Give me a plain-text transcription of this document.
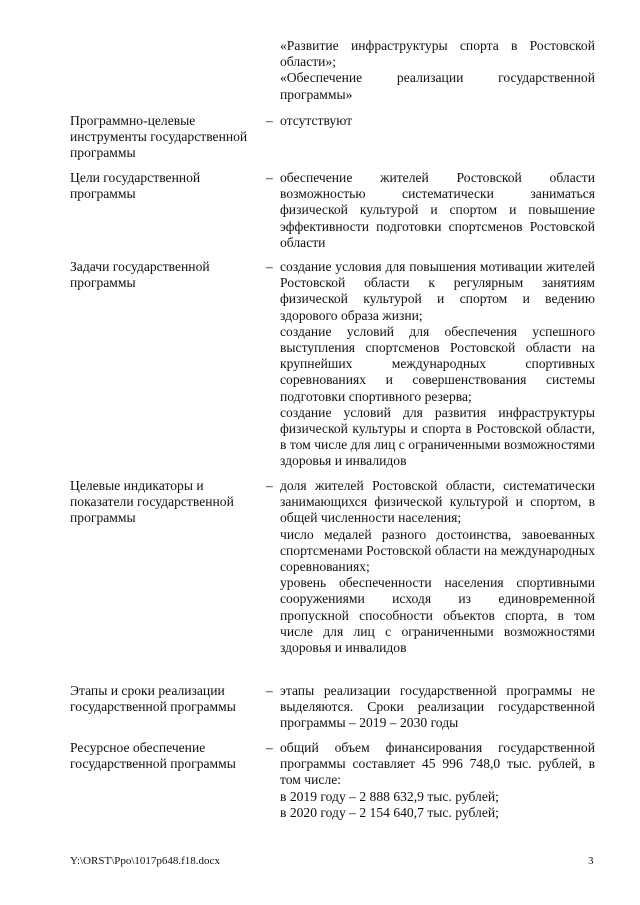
«Развитие инфраструктуры спорта в Ростовской области»;
«Обеспечение реализации государственной программы»
Программно-целевые инструменты государственной программы
– отсутствуют
Цели государственной программы
– обеспечение жителей Ростовской области возможностью систематически заниматься физической культурой и спортом и повышение эффективности подготовки спортсменов Ростовской области
Задачи государственной программы
– создание условия для повышения мотивации жителей Ростовской области к регулярным занятиям физической культурой и спортом и ведению здорового образа жизни;
создание условий для обеспечения успешного выступления спортсменов Ростовской области на крупнейших международных спортивных соревнованиях и совершенствования системы подготовки спортивного резерва;
создание условий для развития инфраструктуры физической культуры и спорта в Ростовской области, в том числе для лиц с ограниченными возможностями здоровья и инвалидов
Целевые индикаторы и показатели государственной программы
– доля жителей Ростовской области, систематически занимающихся физической культурой и спортом, в общей численности населения;
число медалей разного достоинства, завоеванных спортсменами Ростовской области на международных соревнованиях;
уровень обеспеченности населения спортивными сооружениями исходя из единовременной пропускной способности объектов спорта, в том числе для лиц с ограниченными возможностями здоровья и инвалидов
Этапы и сроки реализации государственной программы
– этапы реализации государственной программы не выделяются. Сроки реализации государственной программы – 2019 – 2030 годы
Ресурсное обеспечение государственной программы
– общий объем финансирования государственной программы составляет 45 996 748,0 тыс. рублей, в том числе:
в 2019 году – 2 888 632,9 тыс. рублей;
в 2020 году – 2 154 640,7 тыс. рублей;
Y:\ORST\Ppo\1017p648.f18.docx	3
